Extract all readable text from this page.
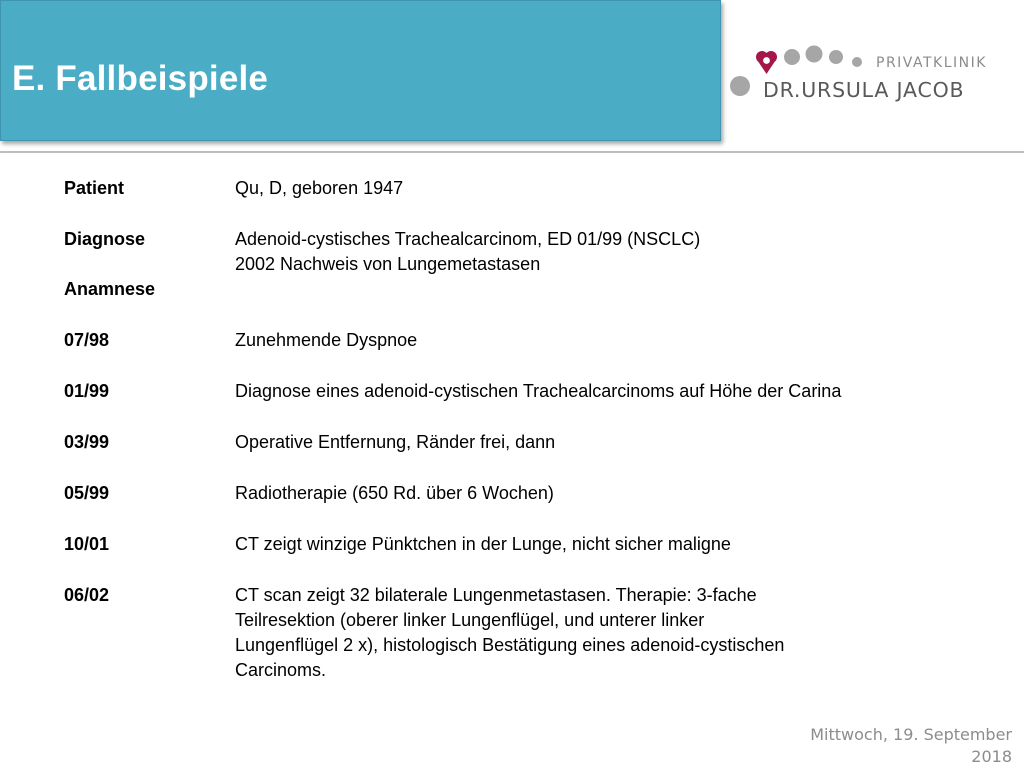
E. Fallbeispiele	PRIVATKLINIK
DR.URSULA JACOB
Patient	Qu, D, geboren 1947
Diagnose	Adenoid-cystisches Trachealcarcinom, ED 01/99 (NSCLC)
2002 Nachweis von Lungemetastasen
Anamnese
07/98	Zunehmende Dyspnoe
01/99	Diagnose eines adenoid-cystischen Trachealcarcinoms auf Höhe der Carina
03/99	Operative Entfernung, Ränder frei, dann
05/99	Radiotherapie (650 Rd. über 6 Wochen)
10/01	CT zeigt winzige Pünktchen in der Lunge, nicht sicher maligne
06/02	CT scan zeigt 32 bilaterale Lungenmetastasen. Therapie: 3-fache
Teilresektion (oberer linker Lungenflügel, und unterer linker
Lungenflügel 2 x), histologisch Bestätigung eines adenoid-cystischen
Carcinoms.
Mittwoch, 19. September
2018
